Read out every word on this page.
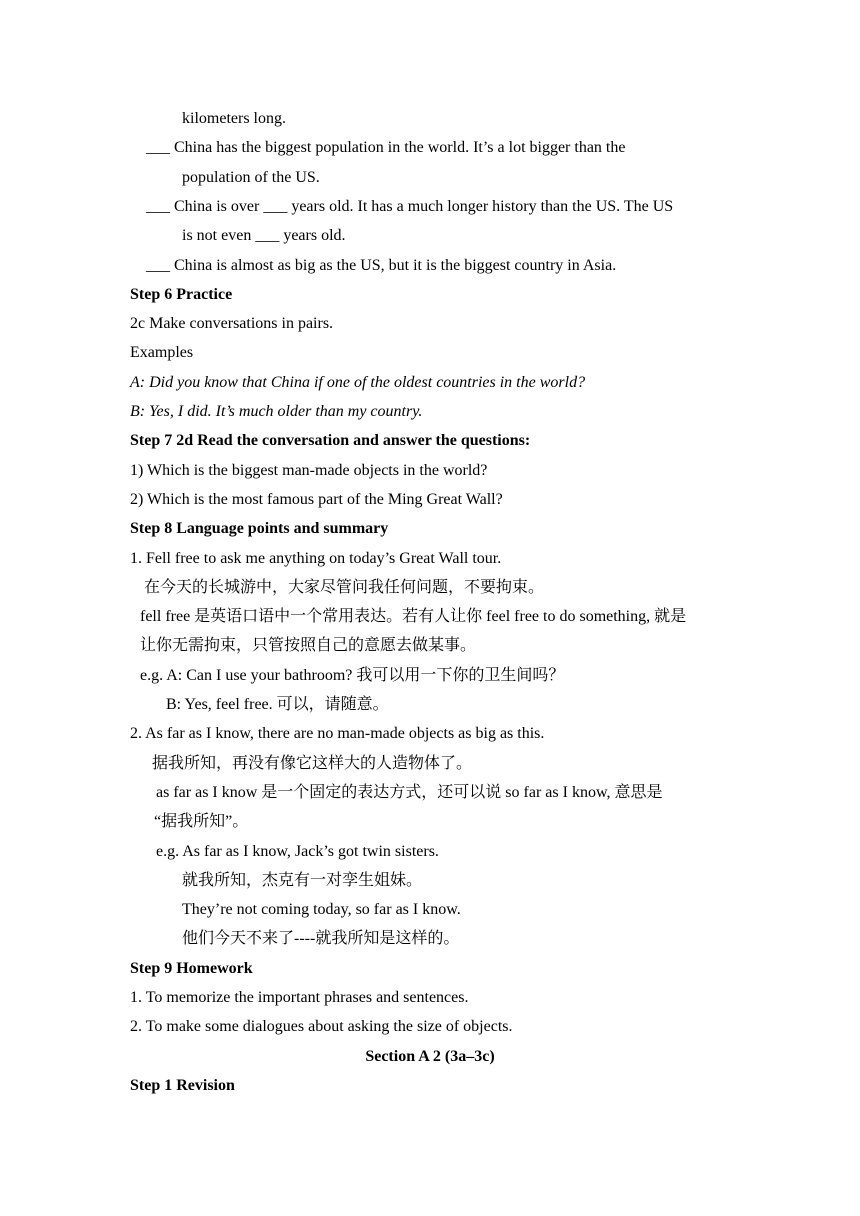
kilometers long.
___ China has the biggest population in the world. It’s a lot bigger than the
population of the US.
___ China is over ___ years old. It has a much longer history than the US. The US
is not even ___ years old.
___ China is almost as big as the US, but it is the biggest country in Asia.
Step 6 Practice
2c Make conversations in pairs.
Examples
A: Did you know that China if one of the oldest countries in the world?
B: Yes, I did. It’s much older than my country.
Step 7 2d Read the conversation and answer the questions:
1) Which is the biggest man-made objects in the world?
2) Which is the most famous part of the Ming Great Wall?
Step 8 Language points and summary
1. Fell free to ask me anything on today’s Great Wall tour.
在今天的长城游中，大家尽管问我任何问题，不要拘束。
fell free 是英语口语中一个常用表达。若有人让你 feel free to do something, 就是
让你无需拘束，只管按照自己的意愿去做某事。
e.g. A: Can I use your bathroom? 我可以用一下你的卫生间吗？
B: Yes, feel free. 可以，请随意。
2. As far as I know, there are no man-made objects as big as this.
据我所知，再没有像它这样大的人造物体了。
as far as I know 是一个固定的表达方式，还可以说 so far as I know, 意思是
“据我所知”。
e.g. As far as I know, Jack’s got twin sisters.
就我所知，杰克有一对孪生姐妹。
They’re not coming today, so far as I know.
他们今天不来了----就我所知是这样的。
Step 9 Homework
1. To memorize the important phrases and sentences.
2. To make some dialogues about asking the size of objects.
Section A 2 (3a–3c)
Step 1 Revision
